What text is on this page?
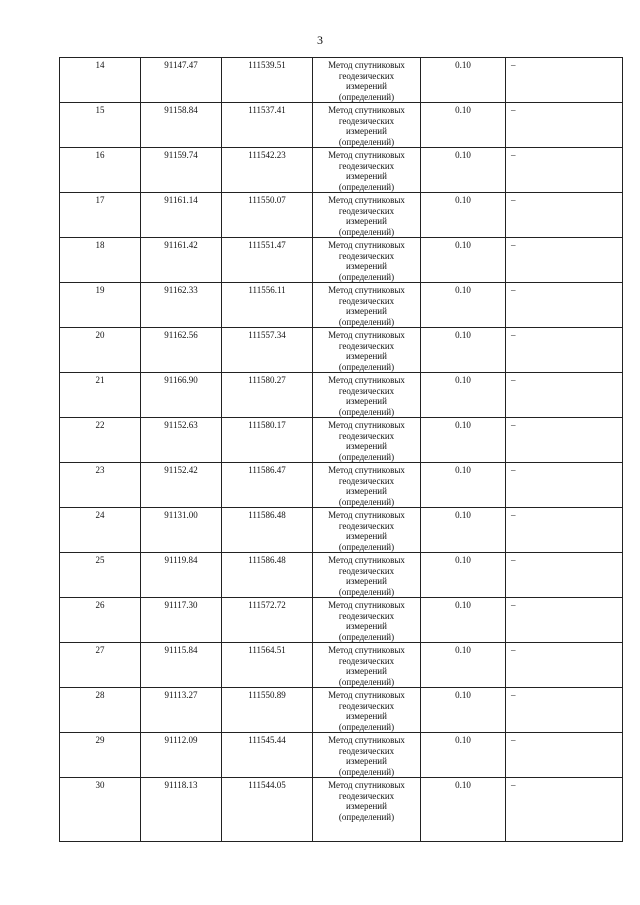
3
14	91147.47	111539.51	Метод спутниковых
геодезических
измерений
(определений)	0.10	–
15	91158.84	111537.41	Метод спутниковых
геодезических
измерений
(определений)	0.10	–
16	91159.74	111542.23	Метод спутниковых
геодезических
измерений
(определений)	0.10	–
17	91161.14	111550.07	Метод спутниковых
геодезических
измерений
(определений)	0.10	–
18	91161.42	111551.47	Метод спутниковых
геодезических
измерений
(определений)	0.10	–
19	91162.33	111556.11	Метод спутниковых
геодезических
измерений
(определений)	0.10	–
20	91162.56	111557.34	Метод спутниковых
геодезических
измерений
(определений)	0.10	–
21	91166.90	111580.27	Метод спутниковых
геодезических
измерений
(определений)	0.10	–
22	91152.63	111580.17	Метод спутниковых
геодезических
измерений
(определений)	0.10	–
23	91152.42	111586.47	Метод спутниковых
геодезических
измерений
(определений)	0.10	–
24	91131.00	111586.48	Метод спутниковых
геодезических
измерений
(определений)	0.10	–
25	91119.84	111586.48	Метод спутниковых
геодезических
измерений
(определений)	0.10	–
26	91117.30	111572.72	Метод спутниковых
геодезических
измерений
(определений)	0.10	–
27	91115.84	111564.51	Метод спутниковых
геодезических
измерений
(определений)	0.10	–
28	91113.27	111550.89	Метод спутниковых
геодезических
измерений
(определений)	0.10	–
29	91112.09	111545.44	Метод спутниковых
геодезических
измерений
(определений)	0.10	–
30	91118.13	111544.05	Метод спутниковых
геодезических
измерений
(определений)	0.10	–
